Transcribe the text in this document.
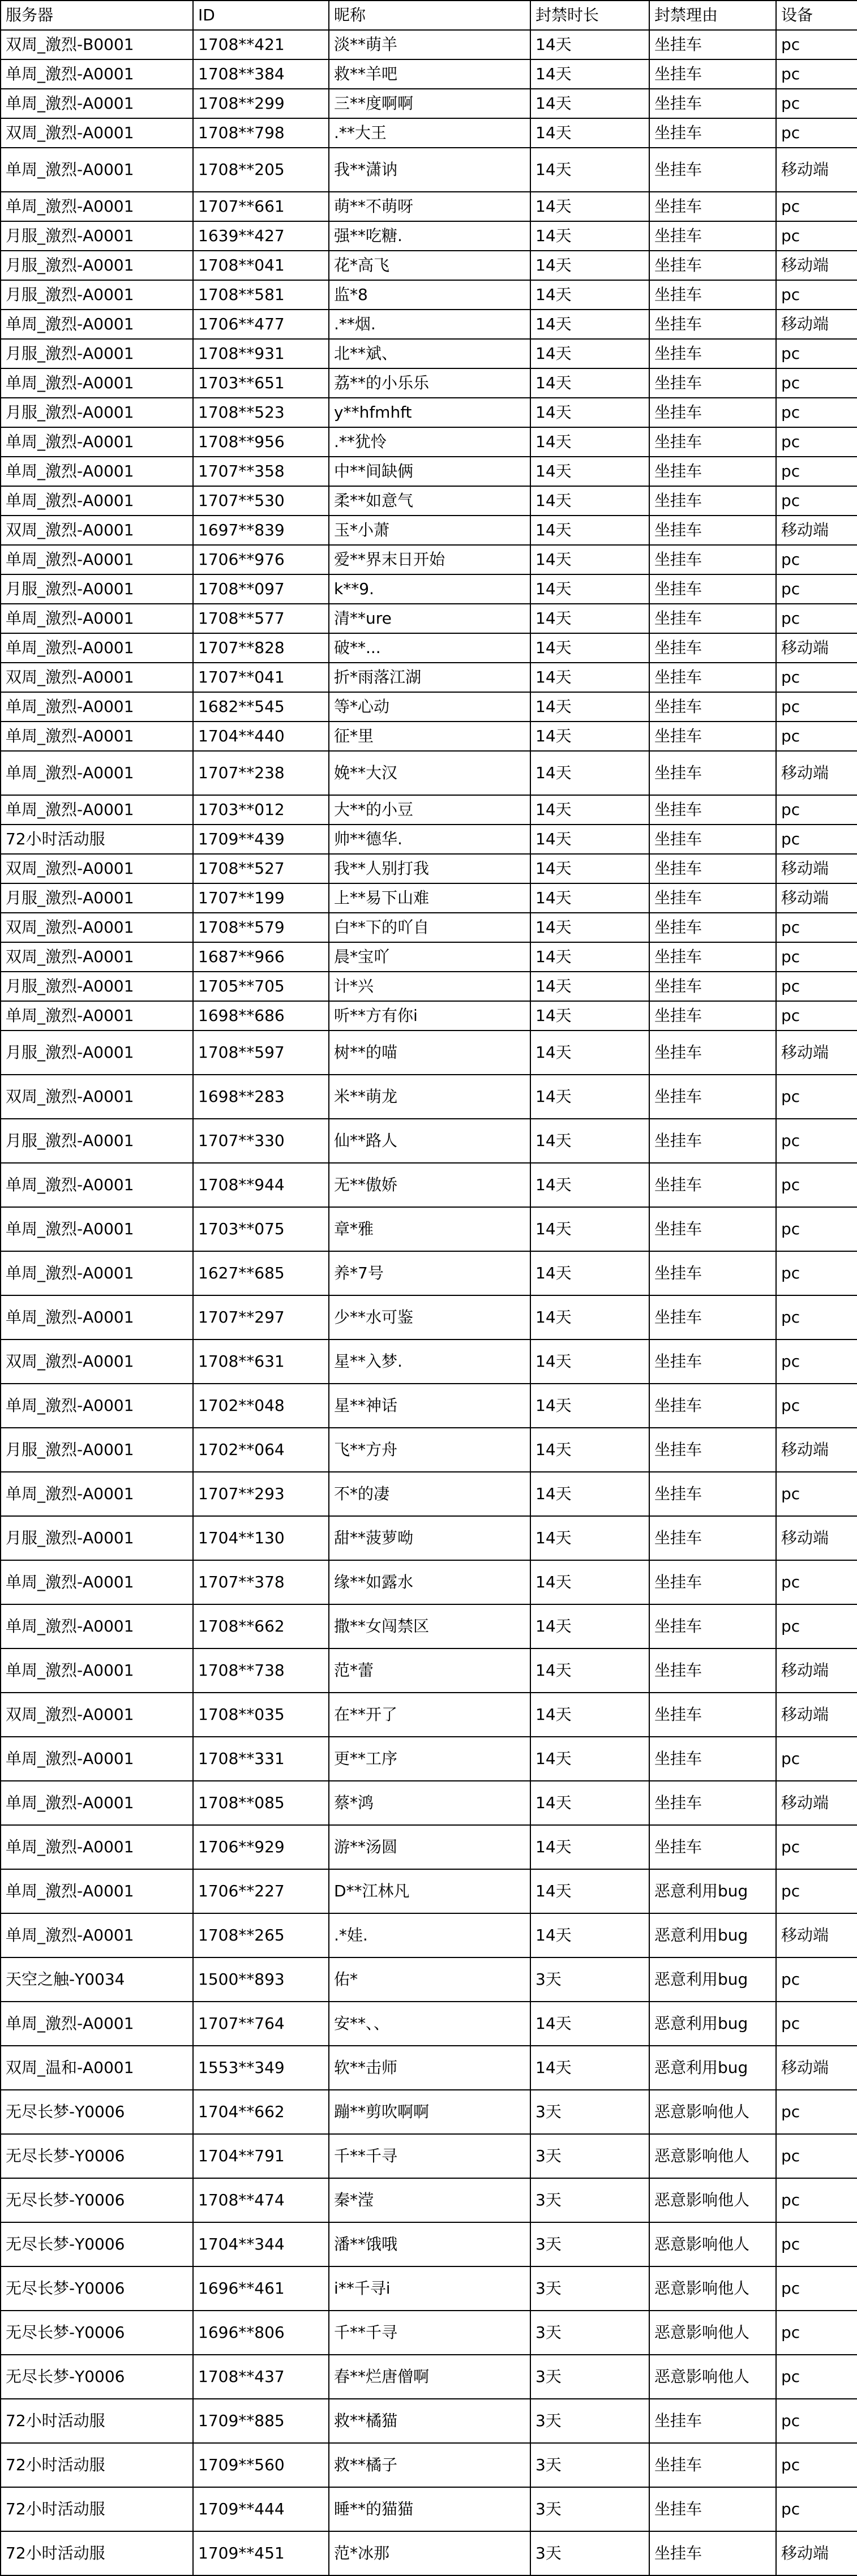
服务器	ID	昵称	封禁时长	封禁理由	设备
双周_激烈-B0001	1708**421	淡**萌羊	14天	坐挂车	pc
单周_激烈-A0001	1708**384	救**羊吧	14天	坐挂车	pc
单周_激烈-A0001	1708**299	三**度啊啊	14天	坐挂车	pc
双周_激烈-A0001	1708**798	.**大王	14天	坐挂车	pc
单周_激烈-A0001	1708**205	我**潇讷	14天	坐挂车	移动端
单周_激烈-A0001	1707**661	萌**不萌呀	14天	坐挂车	pc
月服_激烈-A0001	1639**427	强**吃糖.	14天	坐挂车	pc
月服_激烈-A0001	1708**041	花*高飞	14天	坐挂车	移动端
月服_激烈-A0001	1708**581	监*8	14天	坐挂车	pc
单周_激烈-A0001	1706**477	.**烟.	14天	坐挂车	移动端
月服_激烈-A0001	1708**931	北**斌、	14天	坐挂车	pc
单周_激烈-A0001	1703**651	荔**的小乐乐	14天	坐挂车	pc
月服_激烈-A0001	1708**523	y**hfmhft	14天	坐挂车	pc
单周_激烈-A0001	1708**956	.**犹怜	14天	坐挂车	pc
单周_激烈-A0001	1707**358	中**间缺俩	14天	坐挂车	pc
单周_激烈-A0001	1707**530	柔**如意气	14天	坐挂车	pc
双周_激烈-A0001	1697**839	玉*小萧	14天	坐挂车	移动端
单周_激烈-A0001	1706**976	爱**界末日开始	14天	坐挂车	pc
月服_激烈-A0001	1708**097	k**9.	14天	坐挂车	pc
单周_激烈-A0001	1708**577	清**ure	14天	坐挂车	pc
单周_激烈-A0001	1707**828	破**...	14天	坐挂车	移动端
双周_激烈-A0001	1707**041	折*雨落江湖	14天	坐挂车	pc
单周_激烈-A0001	1682**545	等*心动	14天	坐挂车	pc
单周_激烈-A0001	1704**440	征*里	14天	坐挂车	pc
单周_激烈-A0001	1707**238	娩**大汉	14天	坐挂车	移动端
单周_激烈-A0001	1703**012	大**的小豆	14天	坐挂车	pc
72小时活动服	1709**439	帅**德华.	14天	坐挂车	pc
双周_激烈-A0001	1708**527	我**人别打我	14天	坐挂车	移动端
月服_激烈-A0001	1707**199	上**易下山难	14天	坐挂车	移动端
双周_激烈-A0001	1708**579	白**下的吖自	14天	坐挂车	pc
双周_激烈-A0001	1687**966	晨*宝吖	14天	坐挂车	pc
月服_激烈-A0001	1705**705	计*兴	14天	坐挂车	pc
单周_激烈-A0001	1698**686	听**方有你i	14天	坐挂车	pc
月服_激烈-A0001	1708**597	树**的喵	14天	坐挂车	移动端
双周_激烈-A0001	1698**283	米**萌龙	14天	坐挂车	pc
月服_激烈-A0001	1707**330	仙**路人	14天	坐挂车	pc
单周_激烈-A0001	1708**944	无**傲娇	14天	坐挂车	pc
单周_激烈-A0001	1703**075	章*雅	14天	坐挂车	pc
单周_激烈-A0001	1627**685	养*7号	14天	坐挂车	pc
单周_激烈-A0001	1707**297	少**水可鉴	14天	坐挂车	pc
双周_激烈-A0001	1708**631	星**入梦.	14天	坐挂车	pc
单周_激烈-A0001	1702**048	星**神话	14天	坐挂车	pc
月服_激烈-A0001	1702**064	飞**方舟	14天	坐挂车	移动端
单周_激烈-A0001	1707**293	不*的凄	14天	坐挂车	pc
月服_激烈-A0001	1704**130	甜**菠萝呦	14天	坐挂车	移动端
单周_激烈-A0001	1707**378	缘**如露水	14天	坐挂车	pc
单周_激烈-A0001	1708**662	撒**女闯禁区	14天	坐挂车	pc
单周_激烈-A0001	1708**738	范*蕾	14天	坐挂车	移动端
双周_激烈-A0001	1708**035	在**开了	14天	坐挂车	移动端
单周_激烈-A0001	1708**331	更**工序	14天	坐挂车	pc
单周_激烈-A0001	1708**085	蔡*鸿	14天	坐挂车	移动端
单周_激烈-A0001	1706**929	游**汤圆	14天	坐挂车	pc
单周_激烈-A0001	1706**227	D**江林凡	14天	恶意利用bug	pc
单周_激烈-A0001	1708**265	.*娃.	14天	恶意利用bug	移动端
天空之触-Y0034	1500**893	佑*	3天	恶意利用bug	pc
单周_激烈-A0001	1707**764	安**、、	14天	恶意利用bug	pc
双周_温和-A0001	1553**349	软**击师	14天	恶意利用bug	移动端
无尽长梦-Y0006	1704**662	蹦**剪吹啊啊	3天	恶意影响他人	pc
无尽长梦-Y0006	1704**791	千**千寻	3天	恶意影响他人	pc
无尽长梦-Y0006	1708**474	秦*滢	3天	恶意影响他人	pc
无尽长梦-Y0006	1704**344	潘**饿哦	3天	恶意影响他人	pc
无尽长梦-Y0006	1696**461	i**千寻i	3天	恶意影响他人	pc
无尽长梦-Y0006	1696**806	千**千寻	3天	恶意影响他人	pc
无尽长梦-Y0006	1708**437	春**烂唐僧啊	3天	恶意影响他人	pc
72小时活动服	1709**885	救**橘猫	3天	坐挂车	pc
72小时活动服	1709**560	救**橘子	3天	坐挂车	pc
72小时活动服	1709**444	睡**的猫猫	3天	坐挂车	pc
72小时活动服	1709**451	范*冰那	3天	坐挂车	移动端
